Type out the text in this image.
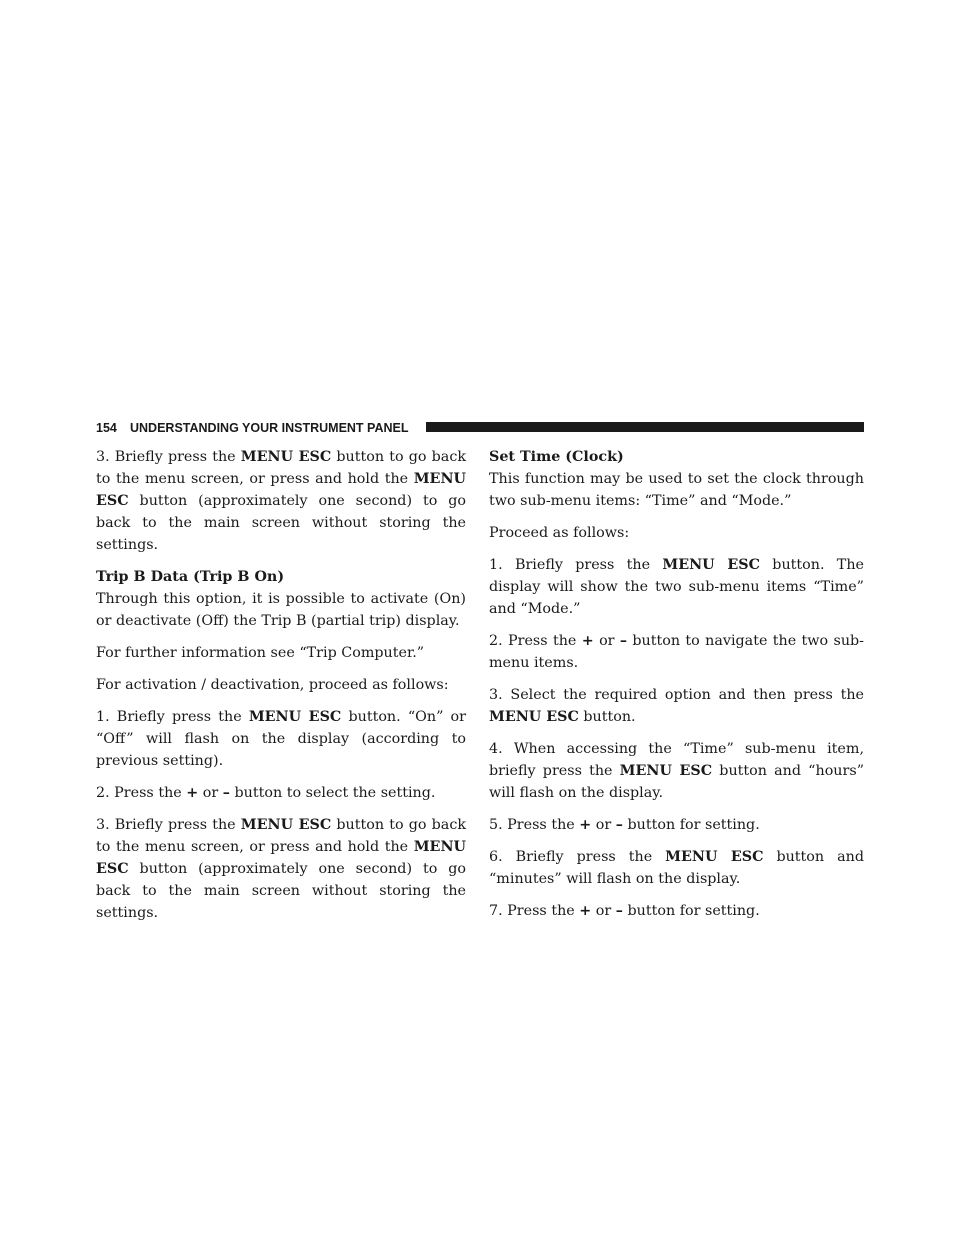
154 UNDERSTANDING YOUR INSTRUMENT PANEL

3. Briefly press the MENU ESC button to go back to the menu screen, or press and hold the MENU ESC button (approximately one second) to go back to the main screen without storing the settings.

Trip B Data (Trip B On)

Through this option, it is possible to activate (On) or deactivate (Off) the Trip B (partial trip) display.

For further information see “Trip Computer.”

For activation / deactivation, proceed as follows:

1. Briefly press the MENU ESC button. “On” or “Off” will flash on the display (according to previous setting).

2. Press the + or – button to select the setting.

3. Briefly press the MENU ESC button to go back to the menu screen, or press and hold the MENU ESC button (approximately one second) to go back to the main screen without storing the settings.

Set Time (Clock)

This function may be used to set the clock through two sub-menu items: “Time” and “Mode.”

Proceed as follows:

1. Briefly press the MENU ESC button. The display will show the two sub-menu items “Time” and “Mode.”

2. Press the + or – button to navigate the two sub-menu items.

3. Select the required option and then press the MENU ESC button.

4. When accessing the “Time” sub-menu item, briefly press the MENU ESC button and “hours” will flash on the display.

5. Press the + or – button for setting.

6. Briefly press the MENU ESC button and “minutes” will flash on the display.

7. Press the + or – button for setting.
